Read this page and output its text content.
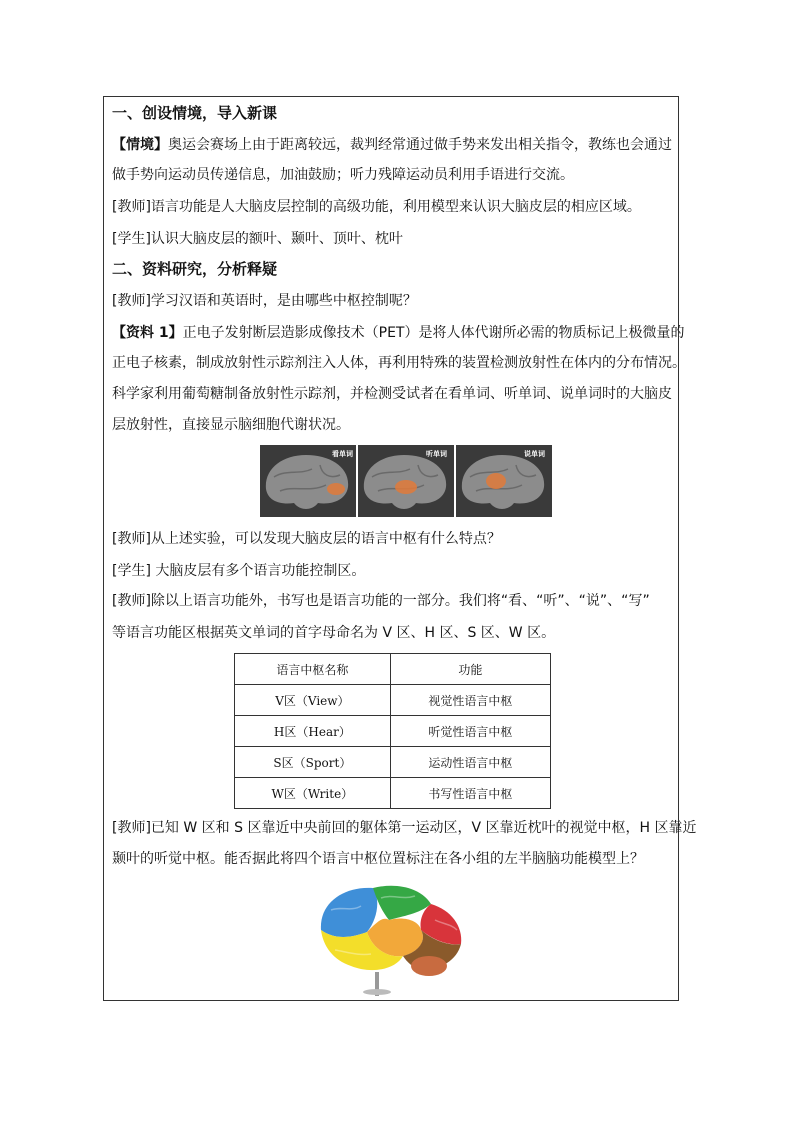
一、创设情境，导入新课
【情境】奥运会赛场上由于距离较远，裁判经常通过做手势来发出相关指令，教练也会通过
做手势向运动员传递信息，加油鼓励；听力残障运动员利用手语进行交流。
[教师]语言功能是人大脑皮层控制的高级功能，利用模型来认识大脑皮层的相应区域。
[学生]认识大脑皮层的额叶、颞叶、顶叶、枕叶
二、资料研究，分析释疑
[教师]学习汉语和英语时，是由哪些中枢控制呢？
【资料 1】正电子发射断层造影成像技术（PET）是将人体代谢所必需的物质标记上极微量的
正电子核素，制成放射性示踪剂注入人体，再利用特殊的装置检测放射性在体内的分布情况。
科学家利用葡萄糖制备放射性示踪剂，并检测受试者在看单词、听单词、说单词时的大脑皮
层放射性，直接显示脑细胞代谢状况。
看单词	听单词	说单词
[教师]从上述实验，可以发现大脑皮层的语言中枢有什么特点？
[学生] 大脑皮层有多个语言功能控制区。
[教师]除以上语言功能外，书写也是语言功能的一部分。我们将“看、“听”、“说”、“写”
等语言功能区根据英文单词的首字母命名为 V 区、H 区、S 区、W 区。
语言中枢名称	功能
V区（View）	视觉性语言中枢
H区（Hear）	听觉性语言中枢
S区（Sport）	运动性语言中枢
W区（Write）	书写性语言中枢
[教师]已知 W 区和 S 区靠近中央前回的躯体第一运动区，V 区靠近枕叶的视觉中枢，H 区靠近
颞叶的听觉中枢。能否据此将四个语言中枢位置标注在各小组的左半脑脑功能模型上？
